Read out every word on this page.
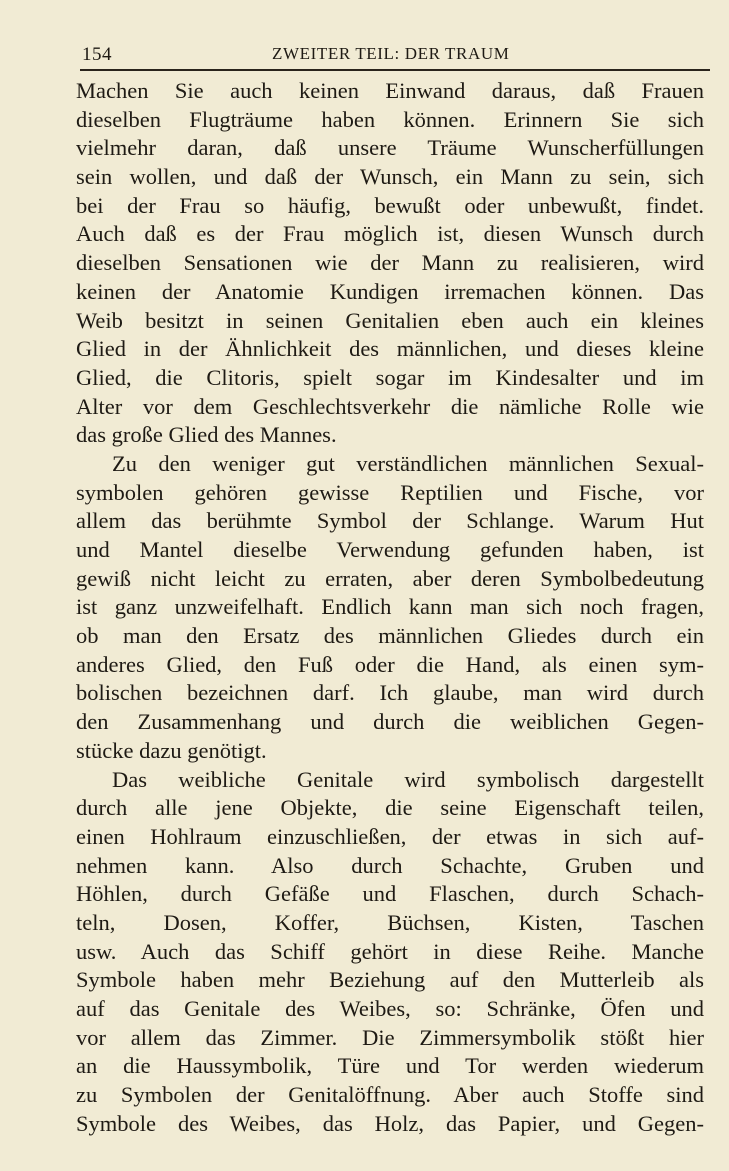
154	ZWEITER TEIL: DER TRAUM
Machen Sie auch keinen Einwand daraus, daß Frauen
dieselben Flugträume haben können. Erinnern Sie sich
vielmehr daran, daß unsere Träume Wunscherfüllungen
sein wollen, und daß der Wunsch, ein Mann zu sein, sich
bei der Frau so häufig, bewußt oder unbewußt, findet.
Auch daß es der Frau möglich ist, diesen Wunsch durch
dieselben Sensationen wie der Mann zu realisieren, wird
keinen der Anatomie Kundigen irremachen können. Das
Weib besitzt in seinen Genitalien eben auch ein kleines
Glied in der Ähnlichkeit des männlichen, und dieses kleine
Glied, die Clitoris, spielt sogar im Kindesalter und im
Alter vor dem Geschlechtsverkehr die nämliche Rolle wie
das große Glied des Mannes.
Zu den weniger gut verständlichen männlichen Sexual-
symbolen gehören gewisse Reptilien und Fische, vor
allem das berühmte Symbol der Schlange. Warum Hut
und Mantel dieselbe Verwendung gefunden haben, ist
gewiß nicht leicht zu erraten, aber deren Symbolbedeutung
ist ganz unzweifelhaft. Endlich kann man sich noch fragen,
ob man den Ersatz des männlichen Gliedes durch ein
anderes Glied, den Fuß oder die Hand, als einen sym-
bolischen bezeichnen darf. Ich glaube, man wird durch
den Zusammenhang und durch die weiblichen Gegen-
stücke dazu genötigt.
Das weibliche Genitale wird symbolisch dargestellt
durch alle jene Objekte, die seine Eigenschaft teilen,
einen Hohlraum einzuschließen, der etwas in sich auf-
nehmen kann. Also durch Schachte, Gruben und
Höhlen, durch Gefäße und Flaschen, durch Schach-
teln, Dosen, Koffer, Büchsen, Kisten, Taschen
usw. Auch das Schiff gehört in diese Reihe. Manche
Symbole haben mehr Beziehung auf den Mutterleib als
auf das Genitale des Weibes, so: Schränke, Öfen und
vor allem das Zimmer. Die Zimmersymbolik stößt hier
an die Haussymbolik, Türe und Tor werden wiederum
zu Symbolen der Genitalöffnung. Aber auch Stoffe sind
Symbole des Weibes, das Holz, das Papier, und Gegen-
